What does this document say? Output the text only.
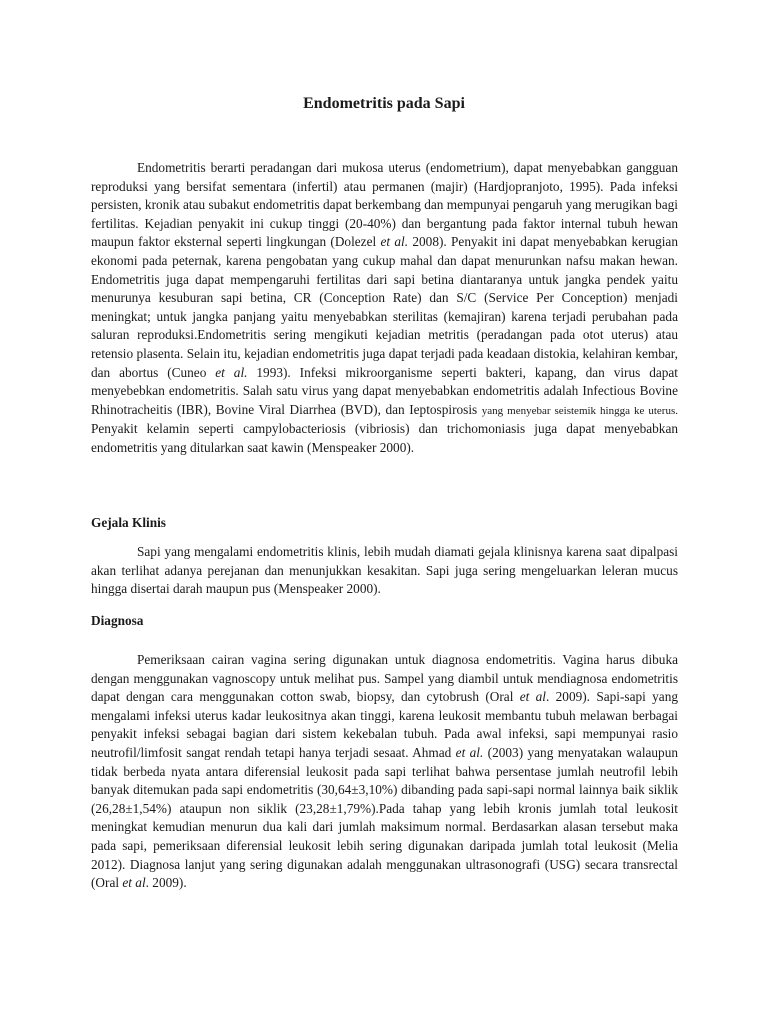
Endometritis pada Sapi

Endometritis berarti peradangan dari mukosa uterus (endometrium), dapat menyebabkan gangguan reproduksi yang bersifat sementara (infertil) atau permanen (majir) (Hardjopranjoto, 1995). Pada infeksi persisten, kronik atau subakut endometritis dapat berkembang dan mempunyai pengaruh yang merugikan bagi fertilitas. Kejadian penyakit ini cukup tinggi (20-40%) dan bergantung pada faktor internal tubuh hewan maupun faktor eksternal seperti lingkungan (Dolezel et al. 2008). Penyakit ini dapat menyebabkan kerugian ekonomi pada peternak, karena pengobatan yang cukup mahal dan dapat menurunkan nafsu makan hewan. Endometritis juga dapat mempengaruhi fertilitas dari sapi betina diantaranya untuk jangka pendek yaitu menurunya kesuburan sapi betina, CR (Conception Rate) dan S/C (Service Per Conception) menjadi meningkat; untuk jangka panjang yaitu menyebabkan sterilitas (kemajiran) karena terjadi perubahan pada saluran reproduksi.Endometritis sering mengikuti kejadian metritis (peradangan pada otot uterus) atau retensio plasenta. Selain itu, kejadian endometritis juga dapat terjadi pada keadaan distokia, kelahiran kembar, dan abortus (Cuneo et al. 1993). Infeksi mikroorganisme seperti bakteri, kapang, dan virus dapat menyebebkan endometritis. Salah satu virus yang dapat menyebabkan endometritis adalah Infectious Bovine Rhinotracheitis (IBR), Bovine Viral Diarrhea (BVD), dan Ieptospirosis yang menyebar seistemik hingga ke uterus. Penyakit kelamin seperti campylobacteriosis (vibriosis) dan trichomoniasis juga dapat menyebabkan endometritis yang ditularkan saat kawin (Menspeaker 2000).

Gejala Klinis

Sapi yang mengalami endometritis klinis, lebih mudah diamati gejala klinisnya karena saat dipalpasi akan terlihat adanya perejanan dan menunjukkan kesakitan. Sapi juga sering mengeluarkan leleran mucus hingga disertai darah maupun pus (Menspeaker 2000).

Diagnosa

Pemeriksaan cairan vagina sering digunakan untuk diagnosa endometritis. Vagina harus dibuka dengan menggunakan vagnoscopy untuk melihat pus. Sampel yang diambil untuk mendiagnosa endometritis dapat dengan cara menggunakan cotton swab, biopsy, dan cytobrush (Oral et al. 2009). Sapi-sapi yang mengalami infeksi uterus kadar leukositnya akan tinggi, karena leukosit membantu tubuh melawan berbagai penyakit infeksi sebagai bagian dari sistem kekebalan tubuh. Pada awal infeksi, sapi mempunyai rasio neutrofil/limfosit sangat rendah tetapi hanya terjadi sesaat. Ahmad et al. (2003) yang menyatakan walaupun tidak berbeda nyata antara diferensial leukosit pada sapi terlihat bahwa persentase jumlah neutrofil lebih banyak ditemukan pada sapi endometritis (30,64±3,10%) dibanding pada sapi-sapi normal lainnya baik siklik (26,28±1,54%) ataupun non siklik (23,28±1,79%).Pada tahap yang lebih kronis jumlah total leukosit meningkat kemudian menurun dua kali dari jumlah maksimum normal. Berdasarkan alasan tersebut maka pada sapi, pemeriksaan diferensial leukosit lebih sering digunakan daripada jumlah total leukosit (Melia 2012). Diagnosa lanjut yang sering digunakan adalah menggunakan ultrasonografi (USG) secara transrectal (Oral et al. 2009).
